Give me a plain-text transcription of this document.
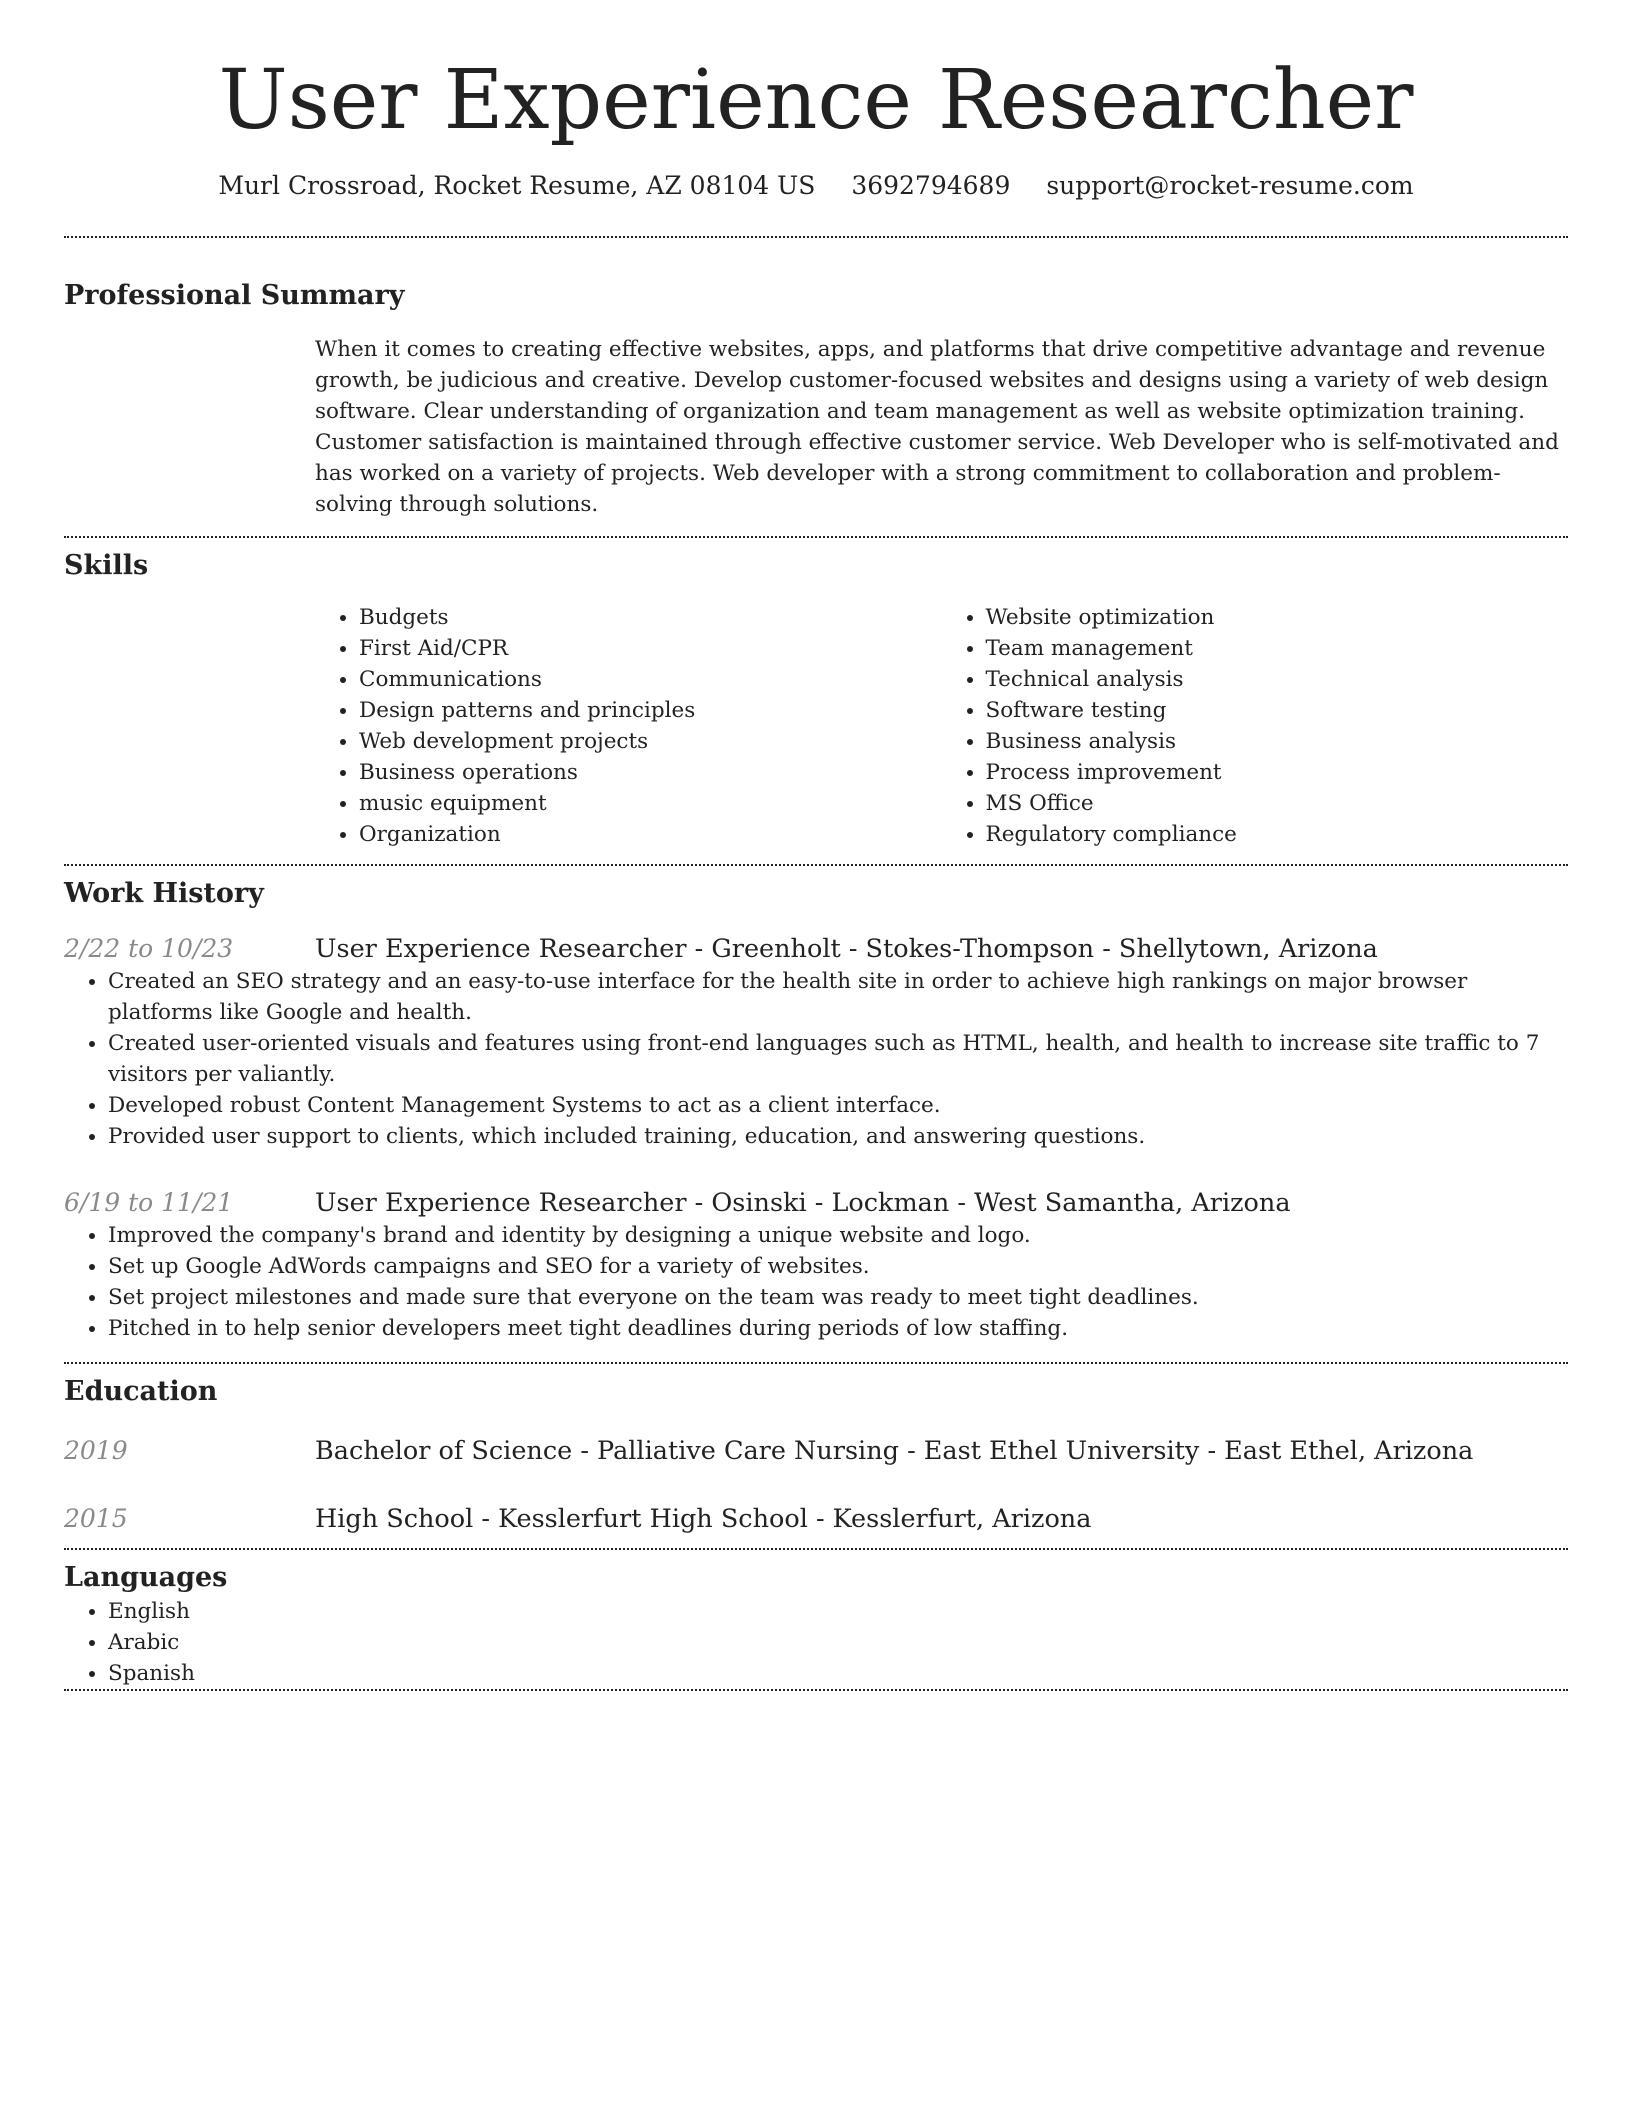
User Experience Researcher
Murl Crossroad, Rocket Resume, AZ 08104 US 3692794689 support@rocket-resume.com
Professional Summary
When it comes to creating effective websites, apps, and platforms that drive competitive advantage and revenue growth, be judicious and creative. Develop customer-focused websites and designs using a variety of web design software. Clear understanding of organization and team management as well as website optimization training. Customer satisfaction is maintained through effective customer service. Web Developer who is self-motivated and has worked on a variety of projects. Web developer with a strong commitment to collaboration and problem-solving through solutions.
Skills
• Budgets
• First Aid/CPR
• Communications
• Design patterns and principles
• Web development projects
• Business operations
• music equipment
• Organization
• Website optimization
• Team management
• Technical analysis
• Software testing
• Business analysis
• Process improvement
• MS Office
• Regulatory compliance
Work History
2/22 to 10/23	User Experience Researcher - Greenholt - Stokes-Thompson - Shellytown, Arizona
• Created an SEO strategy and an easy-to-use interface for the health site in order to achieve high rankings on major browser platforms like Google and health.
• Created user-oriented visuals and features using front-end languages such as HTML, health, and health to increase site traffic to 7 visitors per valiantly.
• Developed robust Content Management Systems to act as a client interface.
• Provided user support to clients, which included training, education, and answering questions.
6/19 to 11/21	User Experience Researcher - Osinski - Lockman - West Samantha, Arizona
• Improved the company's brand and identity by designing a unique website and logo.
• Set up Google AdWords campaigns and SEO for a variety of websites.
• Set project milestones and made sure that everyone on the team was ready to meet tight deadlines.
• Pitched in to help senior developers meet tight deadlines during periods of low staffing.
Education
2019	Bachelor of Science - Palliative Care Nursing - East Ethel University - East Ethel, Arizona
2015	High School - Kesslerfurt High School - Kesslerfurt, Arizona
Languages
• English
• Arabic
• Spanish
